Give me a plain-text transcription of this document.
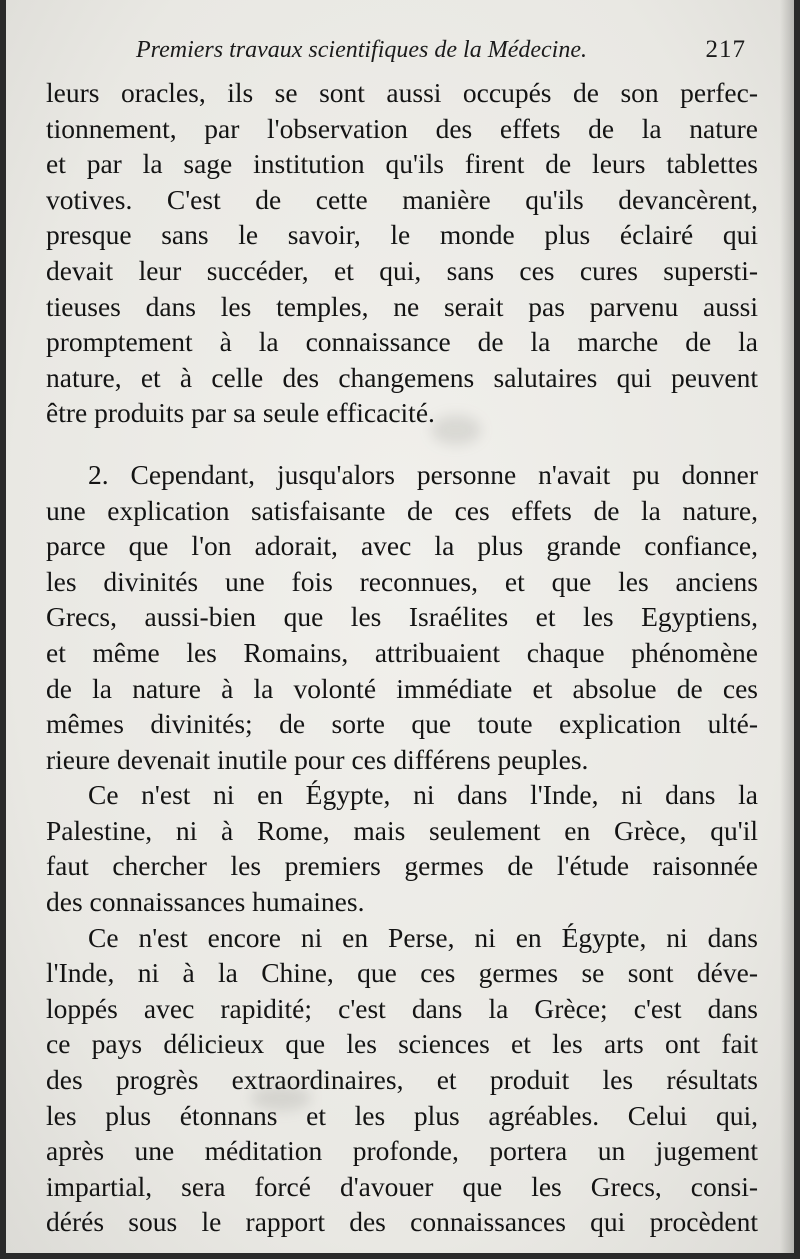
Premiers travaux scientifiques de la Médecine.	217
leurs oracles, ils se sont aussi occupés de son perfec-
tionnement, par l'observation des effets de la nature
et par la sage institution qu'ils firent de leurs tablettes
votives. C'est de cette manière qu'ils devancèrent,
presque sans le savoir, le monde plus éclairé qui
devait leur succéder, et qui, sans ces cures supersti-
tieuses dans les temples, ne serait pas parvenu aussi
promptement à la connaissance de la marche de la
nature, et à celle des changemens salutaires qui peuvent
être produits par sa seule efficacité.
2. Cependant, jusqu'alors personne n'avait pu donner
une explication satisfaisante de ces effets de la nature,
parce que l'on adorait, avec la plus grande confiance,
les divinités une fois reconnues, et que les anciens
Grecs, aussi-bien que les Israélites et les Egyptiens,
et même les Romains, attribuaient chaque phénomène
de la nature à la volonté immédiate et absolue de ces
mêmes divinités; de sorte que toute explication ulté-
rieure devenait inutile pour ces différens peuples.
Ce n'est ni en Égypte, ni dans l'Inde, ni dans la
Palestine, ni à Rome, mais seulement en Grèce, qu'il
faut chercher les premiers germes de l'étude raisonnée
des connaissances humaines.
Ce n'est encore ni en Perse, ni en Égypte, ni dans
l'Inde, ni à la Chine, que ces germes se sont déve-
loppés avec rapidité; c'est dans la Grèce; c'est dans
ce pays délicieux que les sciences et les arts ont fait
des progrès extraordinaires, et produit les résultats
les plus étonnans et les plus agréables. Celui qui,
après une méditation profonde, portera un jugement
impartial, sera forcé d'avouer que les Grecs, consi-
dérés sous le rapport des connaissances qui procèdent
